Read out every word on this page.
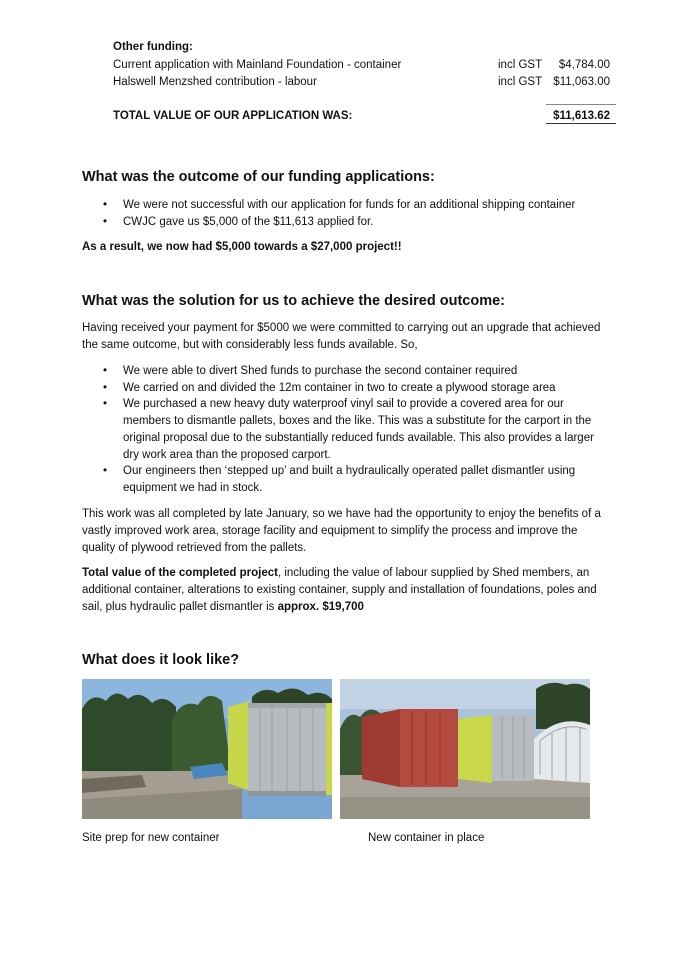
Other funding:
Current application with Mainland Foundation - container	incl GST	$4,784.00
Halswell Menzshed contribution - labour	incl GST $11,063.00
TOTAL VALUE OF OUR APPLICATION WAS:	$11,613.62
What was the outcome of our funding applications:
• We were not successful with our application for funds for an additional shipping container
• CWJC gave us $5,000 of the $11,613 applied for.
As a result, we now had $5,000 towards a $27,000 project!!
What was the solution for us to achieve the desired outcome:
Having received your payment for $5000 we were committed to carrying out an upgrade that achieved
the same outcome, but with considerably less funds available. So,
• We were able to divert Shed funds to purchase the second container required
• We carried on and divided the 12m container in two to create a plywood storage area
• We purchased a new heavy duty waterproof vinyl sail to provide a covered area for our
members to dismantle pallets, boxes and the like. This was a substitute for the carport in the
original proposal due to the substantially reduced funds available. This also provides a larger
dry work area than the proposed carport.
• Our engineers then ‘stepped up’ and built a hydraulically operated pallet dismantler using
equipment we had in stock.
This work was all completed by late January, so we have had the opportunity to enjoy the benefits of a
vastly improved work area, storage facility and equipment to simplify the process and improve the
quality of plywood retrieved from the pallets.
Total value of the completed project, including the value of labour supplied by Shed members, an
additional container, alterations to existing container, supply and installation of foundations, poles and
sail, plus hydraulic pallet dismantler is approx. $19,700
What does it look like?
Site prep for new container	New container in place
